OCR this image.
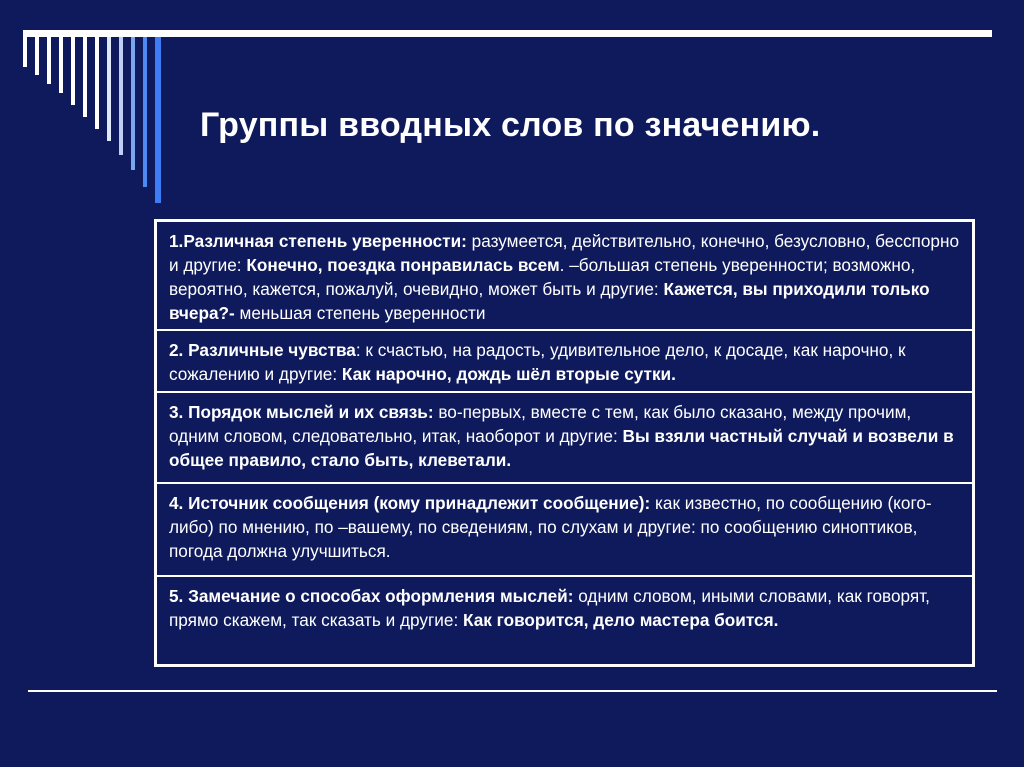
Группы вводных слов по значению.
1.Различная степень уверенности: разумеется, действительно, конечно, безусловно, бесспорно и другие: Конечно, поездка понравилась всем. –большая степень уверенности; возможно, вероятно, кажется, пожалуй, очевидно, может быть и другие: Кажется, вы приходили только вчера?- меньшая степень уверенности
2. Различные чувства: к счастью, на радость, удивительное дело, к досаде, как нарочно, к сожалению и другие: Как нарочно, дождь шёл вторые сутки.
3. Порядок мыслей и их связь: во-первых, вместе с тем, как было сказано, между прочим, одним словом, следовательно, итак, наоборот и другие: Вы взяли частный случай и возвели в общее правило, стало быть, клеветали.
4. Источник сообщения (кому принадлежит сообщение): как известно, по сообщению (кого-либо) по мнению, по –вашему, по сведениям, по слухам и другие: по сообщению синоптиков, погода должна улучшиться.
5. Замечание о способах оформления мыслей: одним словом, иными словами, как говорят, прямо скажем, так сказать и другие: Как говорится, дело мастера боится.
